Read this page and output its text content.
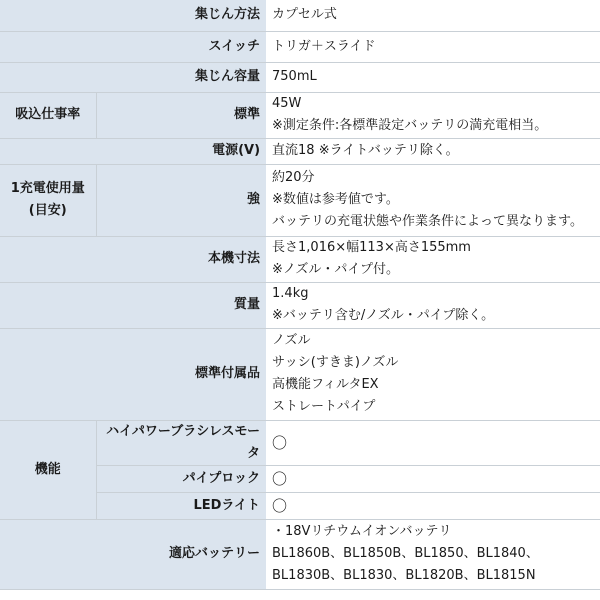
集じん方法		カプセル式
スイッチ		トリガ＋スライド
集じん容量		750mL
吸込仕事率	標準	45W
※測定条件:各標準設定バッテリの満充電相当。

電源(V)		直流18 ※ライトバッテリ除く。

1充電使用量
(目安)	強	約20分
※数値は参考値です。
バッテリの充電状態や作業条件によって異なります。

本機寸法		長さ1,016×幅113×高さ155mm
※ノズル・パイプ付。

質量		1.4kg
※バッテリ含む/ノズル・パイプ除く。

標準付属品		ノズル
サッシ(すきま)ノズル
高機能フィルタEX
ストレートパイプ

機能	ハイパワーブラシレスモータ	〇
	パイプロック	〇
	LEDライト	〇
適応バッテリー		・18Vリチウムイオンバッテリ
BL1860B、BL1850B、BL1850、BL1840、
BL1830B、BL1830、BL1820B、BL1815N
